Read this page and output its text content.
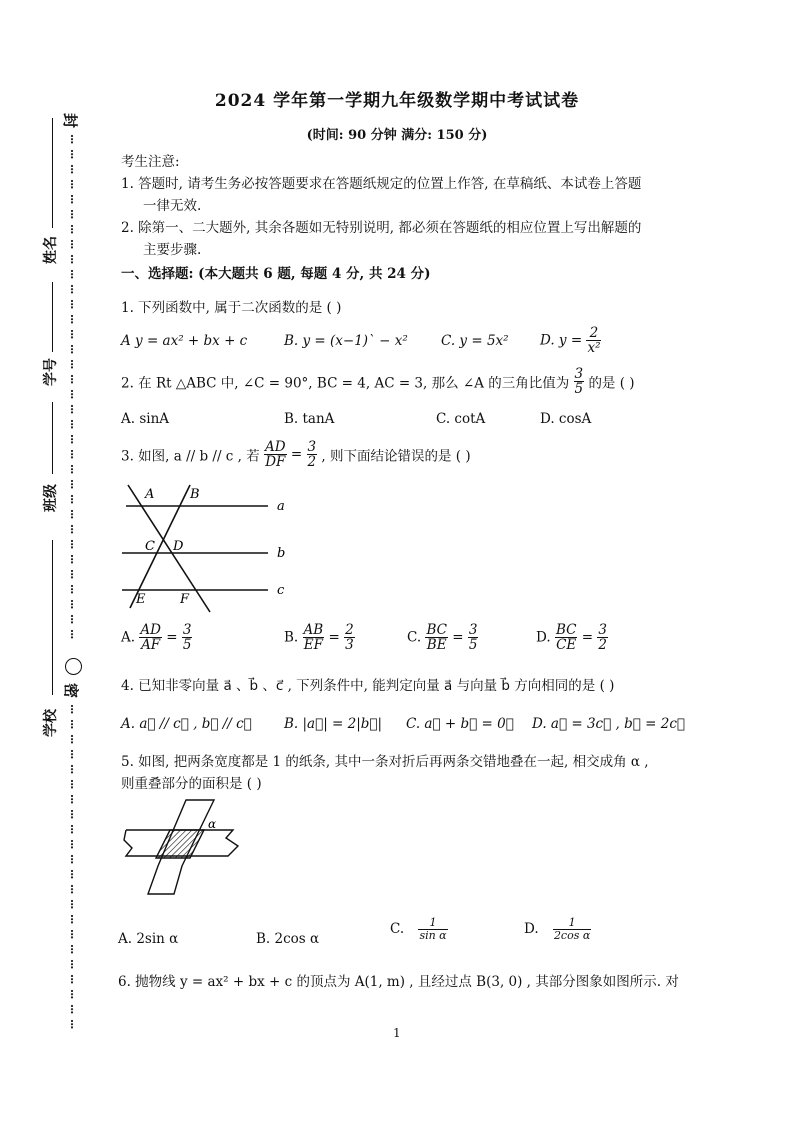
姓名
学号
班级
学校
封
密
2024 学年第一学期九年级数学期中考试试卷
(时间: 90 分钟 满分: 150 分)
考生注意:
1. 答题时, 请考生务必按答题要求在答题纸规定的位置上作答, 在草稿纸、本试卷上答题
一律无效.
2. 除第一、二大题外, 其余各题如无特别说明, 都必须在答题纸的相应位置上写出解题的
主要步骤.
一、选择题: (本大题共 6 题, 每题 4 分, 共 24 分)
1. 下列函数中, 属于二次函数的是 ( )
A y = ax² + bx + c	B. y = (x−1)` − x² C. y = 5x² D. $y = \frac{2}{\text{x²}}$
2. 在 Rt △ABC 中, ∠C = 90°, BC = 4, AC = 3, 那么 ∠A 的三角比值为 $\frac{3}{5}$ 的是 ( )
A. sinA	B. tanA	C. cotA	D. cosA
3. 如图, a // b // c , 若 $\frac{AD}{DF} = \frac{3}{2}$ , 则下面结论错误的是 ( )
A	B
C D
E	F
a
b
c
A. $\frac{AD}{AF} = \frac{3}{5}$	B. $\frac{AB}{EF} = \frac{2}{3}$	C. $\frac{BC}{BE} = \frac{3}{5}$	D. $\frac{BC}{CE} = \frac{3}{2}$
4. 已知非零向量 a⃗ 、b⃗ 、c⃗ , 下列条件中, 能判定向量 a⃗ 与向量 b⃗ 方向相同的是 ( )
A. a⃗ // c⃗ , b⃗ // c⃗ B. |a⃗| = 2|b⃗| C. a⃗ + b⃗ = 0⃗ D. a⃗ = 3c⃗ , b⃗ = 2c⃗
5. 如图, 把两条宽度都是 1 的纸条, 其中一条对折后再两条交错地叠在一起, 相交成角 α ,
则重叠部分的面积是 ( )
α
A. 2sin α	B. 2cos α
C. $\frac{1}{\text{sin α}}$	D. $\frac{1}{\text{2cos α}}$
6. 抛物线 y = ax² + bx + c 的顶点为 A(1, m) , 且经过点 B(3, 0) , 其部分图象如图所示. 对
1
